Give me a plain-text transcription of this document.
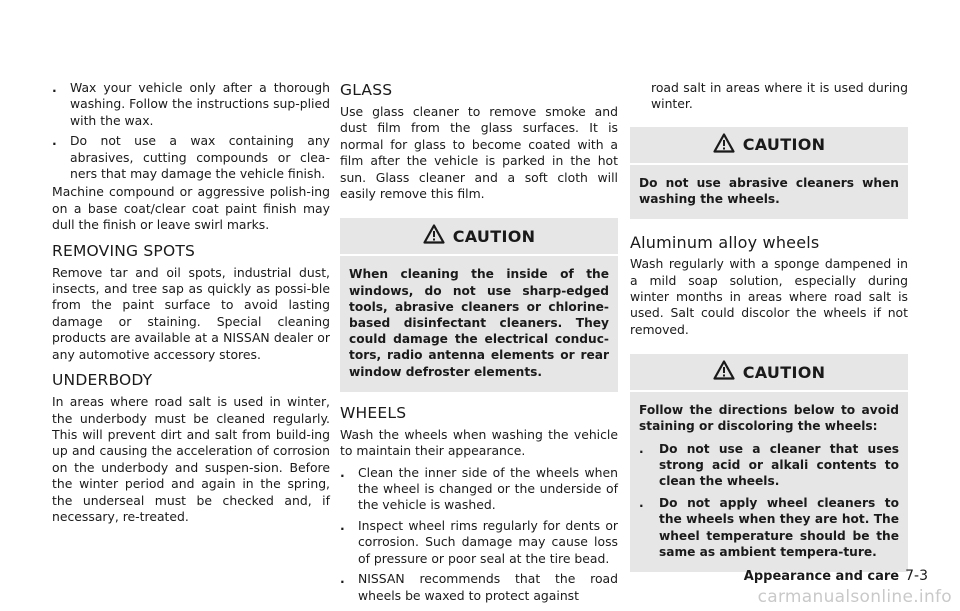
. Wax your vehicle only after a thorough washing. Follow the instructions sup-plied with the wax.
. Do not use a wax containing any abrasives, cutting compounds or clea-ners that may damage the vehicle finish.

Machine compound or aggressive polish-ing on a base coat/clear coat paint finish may dull the finish or leave swirl marks.

REMOVING SPOTS

Remove tar and oil spots, industrial dust, insects, and tree sap as quickly as possi-ble from the paint surface to avoid lasting damage or staining. Special cleaning products are available at a NISSAN dealer or any automotive accessory stores.

UNDERBODY

In areas where road salt is used in winter, the underbody must be cleaned regularly. This will prevent dirt and salt from build-ing up and causing the acceleration of corrosion on the underbody and suspen-sion. Before the winter period and again in the spring, the underseal must be checked and, if necessary, re-treated.

GLASS

Use glass cleaner to remove smoke and dust film from the glass surfaces. It is normal for glass to become coated with a film after the vehicle is parked in the hot sun. Glass cleaner and a soft cloth will easily remove this film.

CAUTION

When cleaning the inside of the windows, do not use sharp-edged tools, abrasive cleaners or chlorine-based disinfectant cleaners. They could damage the electrical conduc-tors, radio antenna elements or rear window defroster elements.

WHEELS

Wash the wheels when washing the vehicle to maintain their appearance.

. Clean the inner side of the wheels when the wheel is changed or the underside of the vehicle is washed.
. Inspect wheel rims regularly for dents or corrosion. Such damage may cause loss of pressure or poor seal at the tire bead.
. NISSAN recommends that the road wheels be waxed to protect against

road salt in areas where it is used during winter.

CAUTION

Do not use abrasive cleaners when washing the wheels.

Aluminum alloy wheels

Wash regularly with a sponge dampened in a mild soap solution, especially during winter months in areas where road salt is used. Salt could discolor the wheels if not removed.

CAUTION

Follow the directions below to avoid staining or discoloring the wheels:

. Do not use a cleaner that uses strong acid or alkali contents to clean the wheels.
. Do not apply wheel cleaners to the wheels when they are hot. The wheel temperature should be the same as ambient tempera-ture.
Appearance and care 7-3
carmanualsonline.info
